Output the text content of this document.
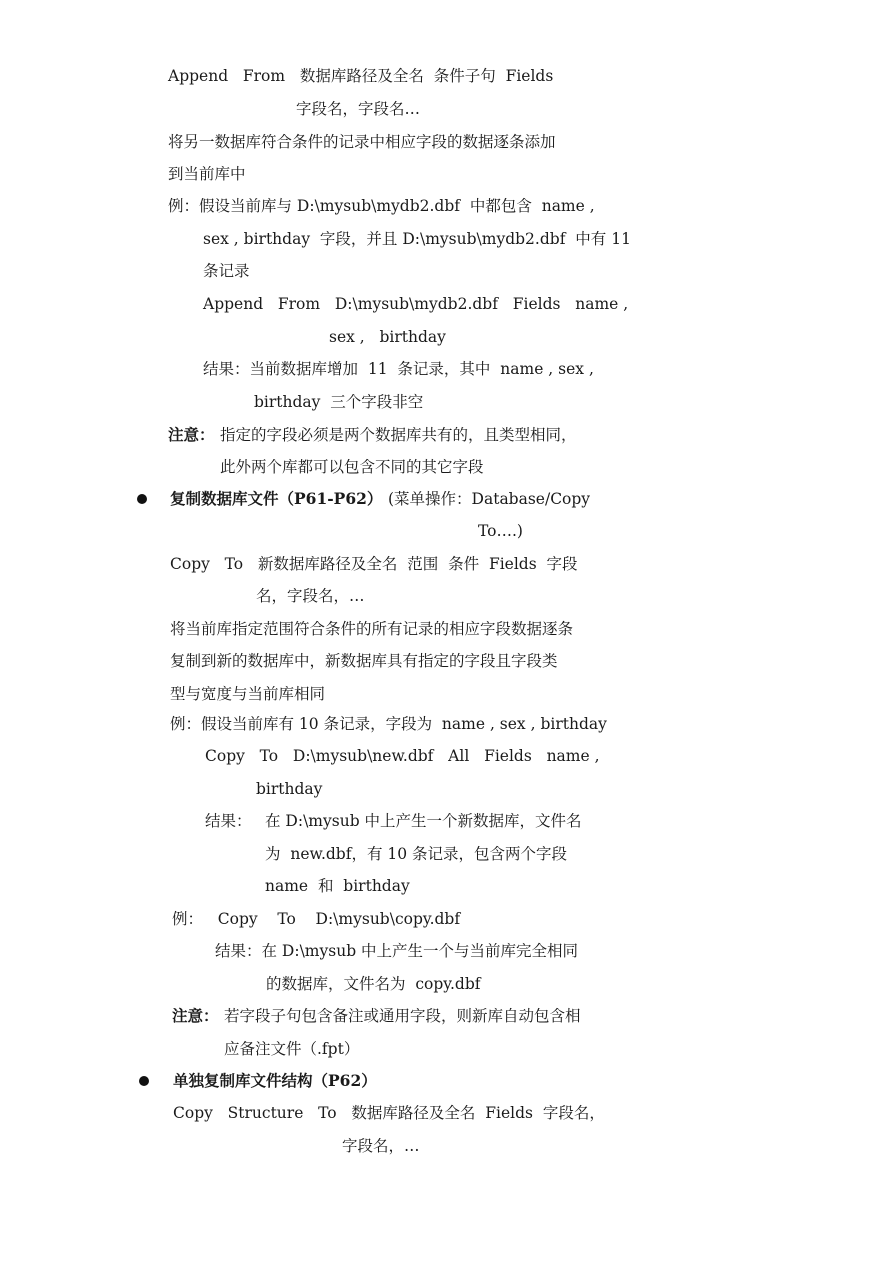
Append   From   数据库路径及全名  条件子句  Fields
字段名，字段名…
将另一数据库符合条件的记录中相应字段的数据逐条添加
到当前库中
例：假设当前库与 D:\mysub\mydb2.dbf  中都包含  name ,
sex , birthday  字段，并且 D:\mysub\mydb2.dbf  中有 11
条记录
Append   From   D:\mysub\mydb2.dbf   Fields   name ,
sex ,   birthday
结果：当前数据库增加  11  条记录，其中  name , sex ,
birthday  三个字段非空
注意： 指定的字段必须是两个数据库共有的，且类型相同，
此外两个库都可以包含不同的其它字段
复制数据库文件（P61-P62） (菜单操作：Database/Copy
To….)
Copy   To   新数据库路径及全名  范围  条件  Fields  字段
名，字段名，…
将当前库指定范围符合条件的所有记录的相应字段数据逐条
复制到新的数据库中，新数据库具有指定的字段且字段类
型与宽度与当前库相同
例：假设当前库有 10 条记录，字段为  name , sex , birthday
Copy   To   D:\mysub\new.dbf   All   Fields   name ,
birthday
结果： 在 D:\mysub 中上产生一个新数据库，文件名
为  new.dbf，有 10 条记录，包含两个字段
name  和  birthday
例：   Copy    To    D:\mysub\copy.dbf
结果：在 D:\mysub 中上产生一个与当前库完全相同
的数据库，文件名为  copy.dbf
注意： 若字段子句包含备注或通用字段，则新库自动包含相
应备注文件（.fpt）
单独复制库文件结构（P62）
Copy   Structure   To   数据库路径及全名  Fields  字段名，
字段名，…
